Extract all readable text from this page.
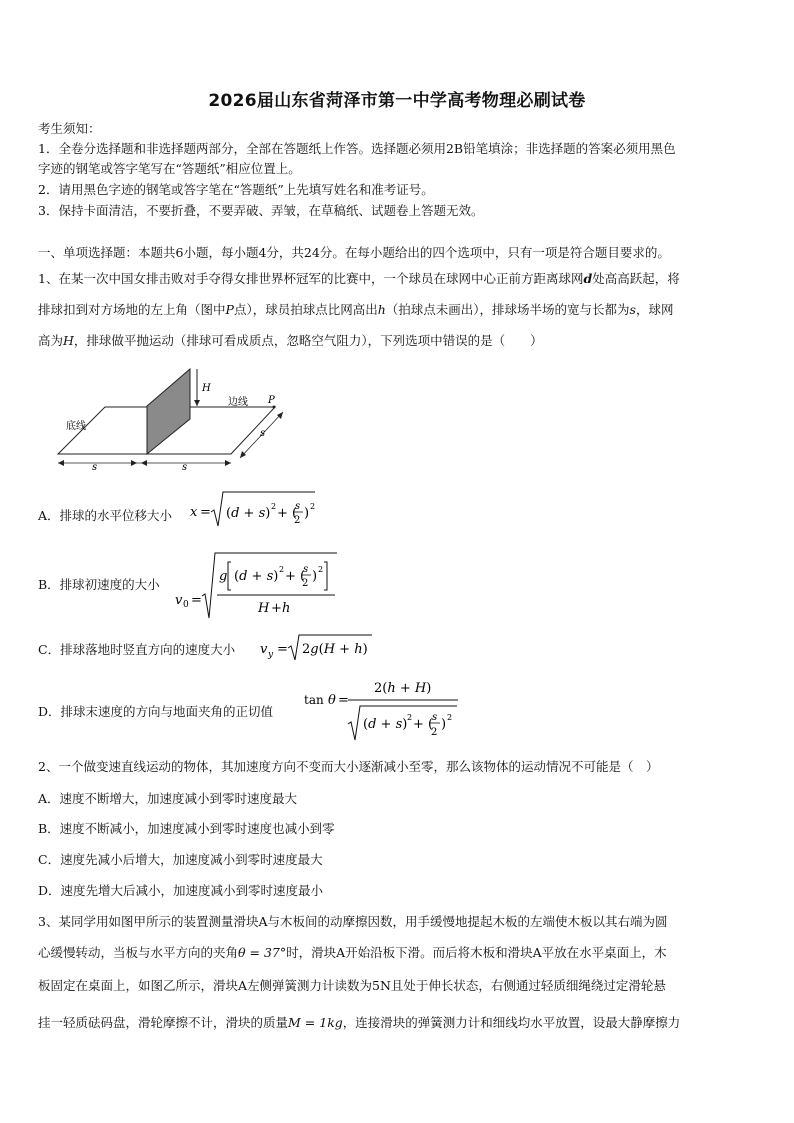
2026届山东省菏泽市第一中学高考物理必刷试卷
考生须知：
1．全卷分选择题和非选择题两部分，全部在答题纸上作答。选择题必须用2B铅笔填涂；非选择题的答案必须用黑色
字迹的钢笔或答字笔写在“答题纸”相应位置上。
2．请用黑色字迹的钢笔或答字笔在“答题纸”上先填写姓名和准考证号。
3．保持卡面清洁，不要折叠，不要弄破、弄皱，在草稿纸、试题卷上答题无效。
一、单项选择题：本题共6小题，每小题4分，共24分。在每小题给出的四个选项中，只有一项是符合题目要求的。
1、在某一次中国女排击败对手夺得女排世界杯冠军的比赛中，一个球员在球网中心正前方距离球网d处高高跃起，将
排球扣到对方场地的左上角（图中P点），球员拍球点比网高出h（拍球点未画出），排球场半场的宽与长都为s，球网
高为H，排球做平抛运动（排球可看成质点，忽略空气阻力），下列选项中错误的是（　　）
H
边线 P
底线
s
s	s
A．排球的水平位移大小 x = (d + s) 2 + (
s
2 ) 2
B．排球初速度的大小
v 0 =
g (d + s) 2 + (
s
2 ) 2
H + h
C．排球落地时竖直方向的速度大小 v y = 2g(H + h)
D．排球末速度的方向与地面夹角的正切值
tan θ =
2(h + H)
(d + s) 2 + (
s
2
) 2
2、一个做变速直线运动的物体，其加速度方向不变而大小逐渐减小至零，那么该物体的运动情况不可能是（　）
A．速度不断增大，加速度减小到零时速度最大
B．速度不断减小，加速度减小到零时速度也减小到零
C．速度先减小后增大，加速度减小到零时速度最大
D．速度先增大后减小，加速度减小到零时速度最小
3、某同学用如图甲所示的装置测量滑块A与木板间的动摩擦因数，用手缓慢地提起木板的左端使木板以其右端为圆
心缓慢转动，当板与水平方向的夹角θ = 37°时，滑块A开始沿板下滑。而后将木板和滑块A平放在水平桌面上，木
板固定在桌面上，如图乙所示，滑块A左侧弹簧测力计读数为5N且处于伸长状态，右侧通过轻质细绳绕过定滑轮悬
挂一轻质砝码盘，滑轮摩擦不计，滑块的质量M = 1kg，连接滑块的弹簧测力计和细线均水平放置，设最大静摩擦力
